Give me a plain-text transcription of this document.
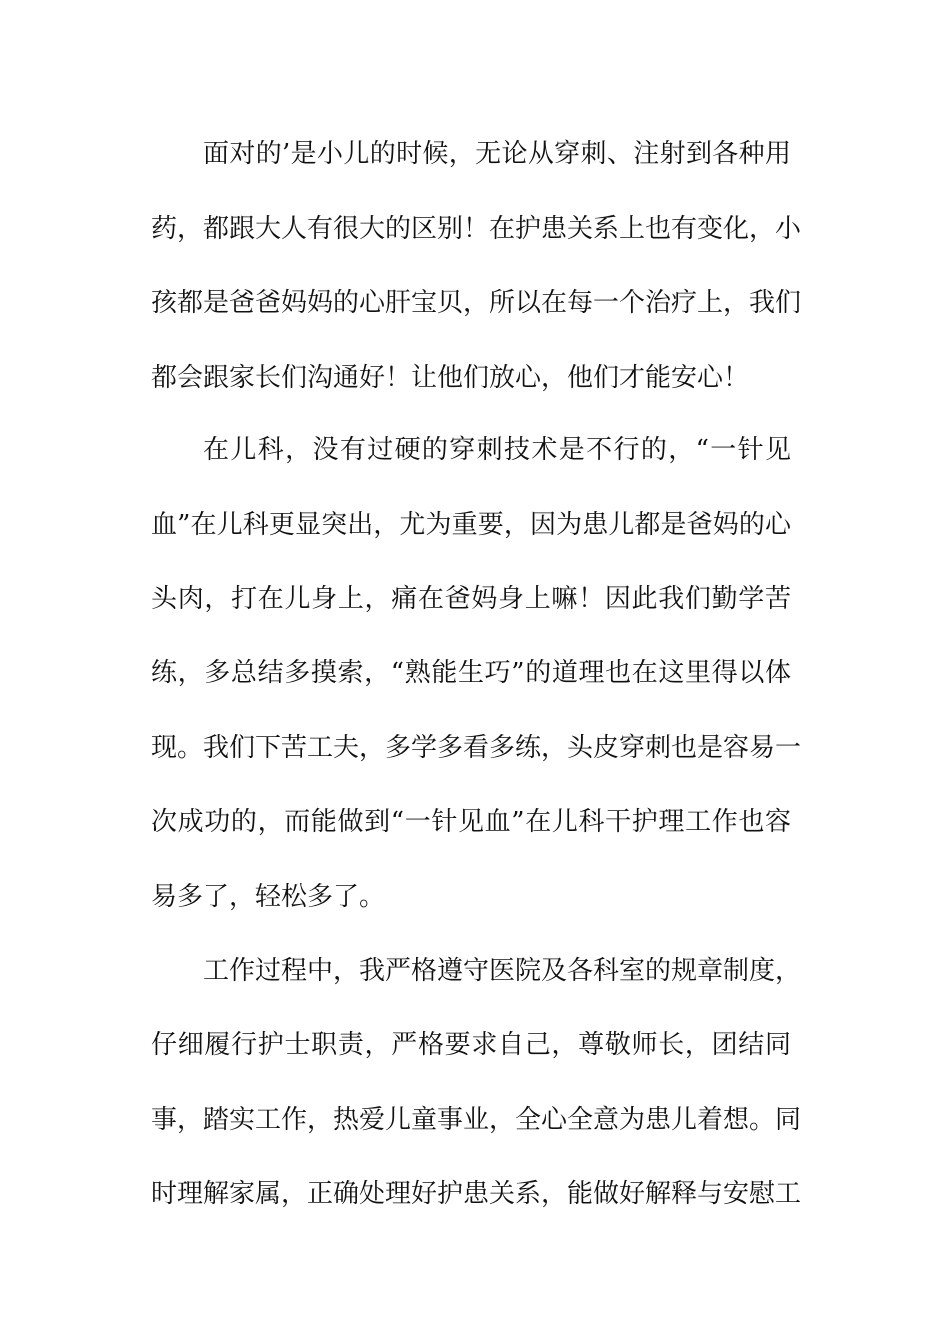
面对的’是小儿的时候，无论从穿刺、注射到各种用
药，都跟大人有很大的区别！在护患关系上也有变化，小
孩都是爸爸妈妈的心肝宝贝，所以在每一个治疗上，我们
都会跟家长们沟通好！让他们放心，他们才能安心！
在儿科，没有过硬的穿刺技术是不行的，“一针见
血”在儿科更显突出，尤为重要，因为患儿都是爸妈的心
头肉，打在儿身上，痛在爸妈身上嘛！因此我们勤学苦
练，多总结多摸索，“熟能生巧”的道理也在这里得以体
现。我们下苦工夫，多学多看多练，头皮穿刺也是容易一
次成功的，而能做到“一针见血”在儿科干护理工作也容
易多了，轻松多了。
工作过程中，我严格遵守医院及各科室的规章制度，
仔细履行护士职责，严格要求自己，尊敬师长，团结同
事，踏实工作，热爱儿童事业，全心全意为患儿着想。同
时理解家属，正确处理好护患关系，能做好解释与安慰工
